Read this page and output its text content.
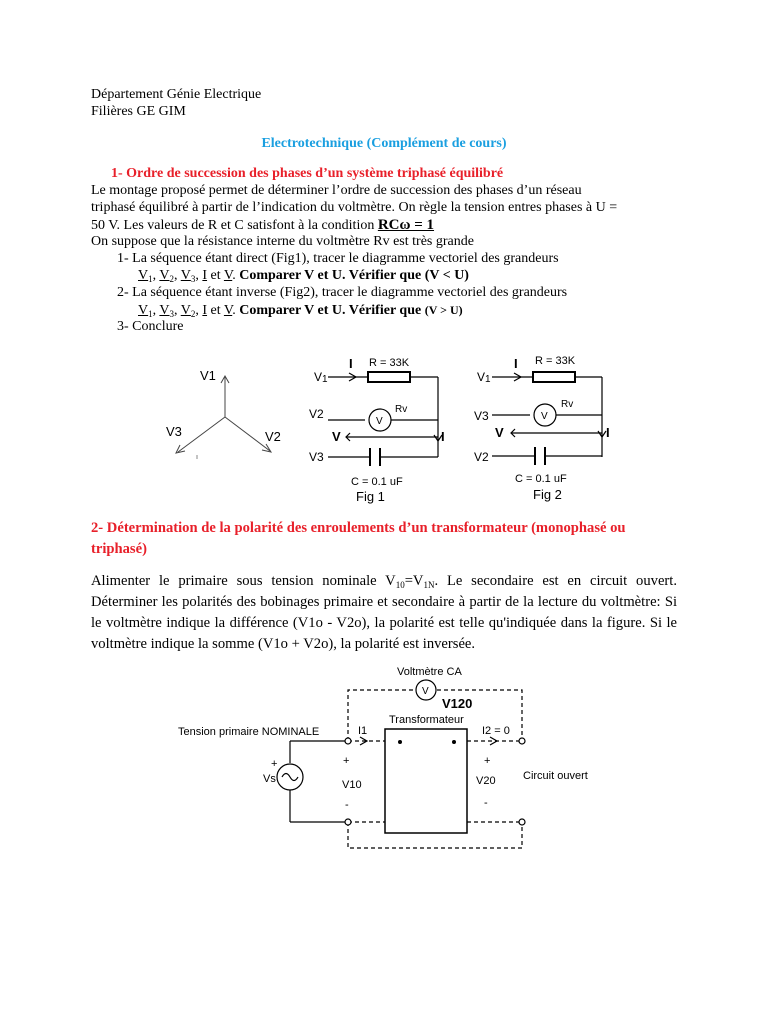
Département Génie Electrique
Filières GE GIM
Electrotechnique (Complément de cours)
1- Ordre de succession des phases d’un système triphasé équilibré
Le montage proposé permet de déterminer l’ordre de succession des phases d’un réseau
triphasé équilibré à partir de l’indication du voltmètre. On règle la tension entres phases à U =
50 V. Les valeurs de R et C satisfont à la condition RCω = 1
On suppose que la résistance interne du voltmètre Rv est très grande
1- La séquence étant direct (Fig1), tracer le diagramme vectoriel des grandeurs
$V_1$, $V_2$, $V_3$, I et V. Comparer V et U. Vérifier que (V < U)
2- La séquence étant inverse (Fig2), tracer le diagramme vectoriel des grandeurs
$V_1$, $V_3$, $V_2$, I et V. Comparer V et U. Vérifier que (V > U)
3- Conclure
V1
V2
V3
V1
V2
V3
R = 33K
I
V
Rv
V	I
C = 0.1 uF
Fig 1
V1
V3
V2
R = 33K
I
V
Rv
V	I
C = 0.1 uF
Fig 2
2- Détermination de la polarité des enroulements d’un transformateur (monophasé ou
triphasé)
Alimenter le primaire sous tension nominale $V_{10}=V_{1N}$. Le secondaire est en circuit ouvert. Déterminer les polarités des bobinages primaire et secondaire à partir de la lecture du voltmètre: Si le voltmètre indique la différence (V1o - V2o), la polarité est telle qu'indiquée dans la figure. Si le voltmètre indique la somme (V1o + V2o), la polarité est inversée.
Voltmètre CA
V
V120
Transformateur
Tension primaire NOMINALE	I1	I2 = 0
+
Vs
+
V10
-
+
V20
-
Circuit ouvert
